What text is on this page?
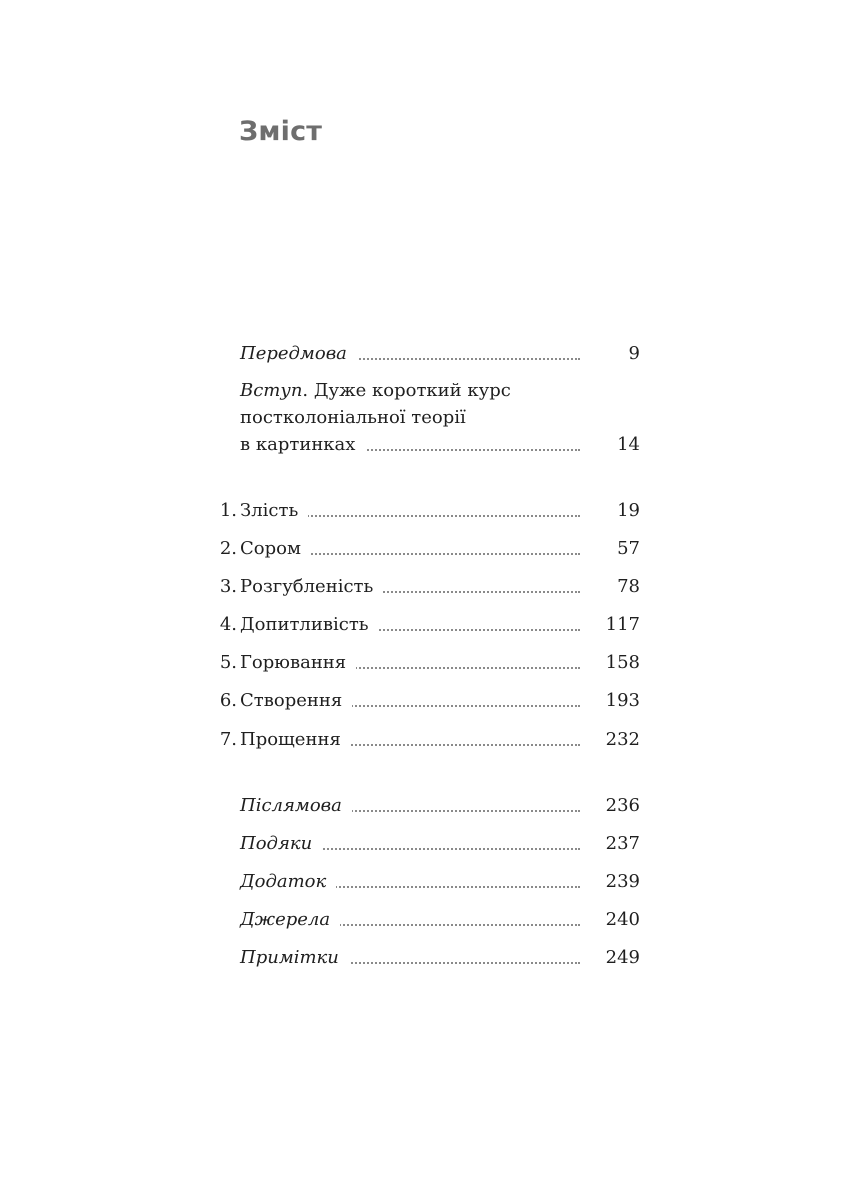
Зміст
Передмова	9
Вступ. Дуже короткий курс
постколоніальної теорії
в картинках	14
1. Злість	19
2. Сором	57
3. Розгубленість	78
4. Допитливість	117
5. Горювання	158
6. Створення	193
7. Прощення	232
Післямова	236
Подяки	237
Додаток	239
Джерела	240
Примітки	249
